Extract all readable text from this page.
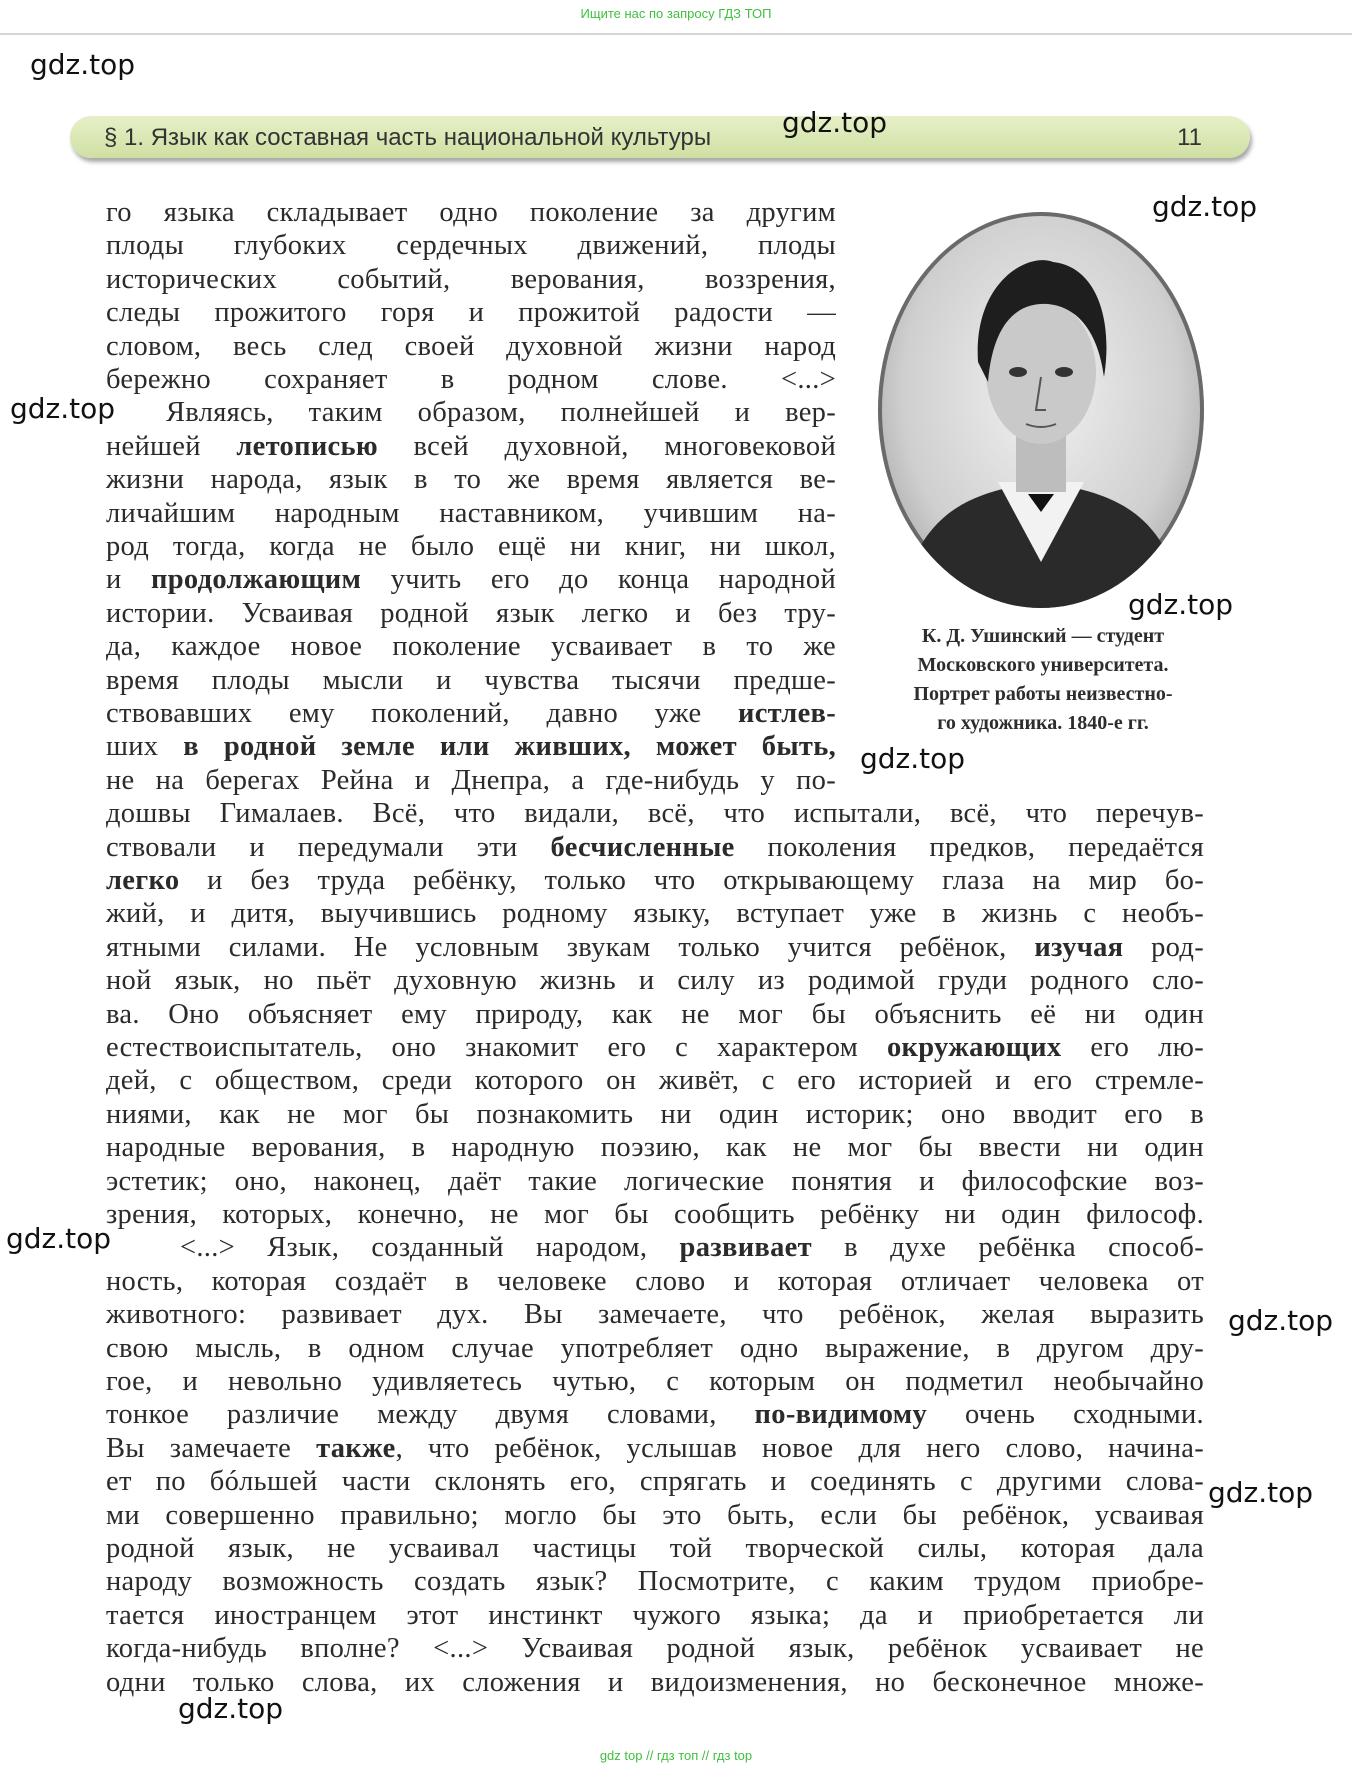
Ищите нас по запросу ГДЗ ТОП
gdz.top
§ 1. Язык как составная часть национальной культуры	11
gdz.top
gdz.top
gdz.top
К. Д. Ушинский — студент
Московского университета.
Портрет работы неизвестно-
го художника. 1840-е гг.
gdz.top
gdz.top
gdz.top
gdz.top
gdz.top
gdz.top
го языка складывает одно поколение за другим
плоды глубоких сердечных движений, плоды
исторических событий, верования, воззрения,
следы прожитого горя и прожитой радости —
словом, весь след своей духовной жизни народ
бережно сохраняет в родном слове. <...>
Являясь, таким образом, полнейшей и вер-
нейшей летописью всей духовной, многовековой
жизни народа, язык в то же время является ве-
личайшим народным наставником, учившим на-
род тогда, когда не было ещё ни книг, ни школ,
и продолжающим учить его до конца народной
истории. Усваивая родной язык легко и без тру-
да, каждое новое поколение усваивает в то же
время плоды мысли и чувства тысячи предше-
ствовавших ему поколений, давно уже истлев-
ших в родной земле или живших, может быть,
не на берегах Рейна и Днепра, а где-нибудь у по-
дошвы Гималаев. Всё, что видали, всё, что испытали, всё, что перечув-
ствовали и передумали эти бесчисленные поколения предков, передаётся
легко и без труда ребёнку, только что открывающему глаза на мир бо-
жий, и дитя, выучившись родному языку, вступает уже в жизнь с необъ-
ятными силами. Не условным звукам только учится ребёнок, изучая род-
ной язык, но пьёт духовную жизнь и силу из родимой груди родного сло-
ва. Оно объясняет ему природу, как не мог бы объяснить её ни один
естествоиспытатель, оно знакомит его с характером окружающих его лю-
дей, с обществом, среди которого он живёт, с его историей и его стремле-
ниями, как не мог бы познакомить ни один историк; оно вводит его в
народные верования, в народную поэзию, как не мог бы ввести ни один
эстетик; оно, наконец, даёт такие логические понятия и философские воз-
зрения, которых, конечно, не мог бы сообщить ребёнку ни один философ.
<...> Язык, созданный народом, развивает в духе ребёнка способ-
ность, которая создаёт в человеке слово и которая отличает человека от
животного: развивает дух. Вы замечаете, что ребёнок, желая выразить
свою мысль, в одном случае употребляет одно выражение, в другом дру-
гое, и невольно удивляетесь чутью, с которым он подметил необычайно
тонкое различие между двумя словами, по-видимому очень сходными.
Вы замечаете также, что ребёнок, услышав новое для него слово, начина-
ет по бóльшей части склонять его, спрягать и соединять с другими слова-
ми совершенно правильно; могло бы это быть, если бы ребёнок, усваивая
родной язык, не усваивал частицы той творческой силы, которая дала
народу возможность создать язык? Посмотрите, с каким трудом приобре-
тается иностранцем этот инстинкт чужого языка; да и приобретается ли
когда-нибудь вполне? <...> Усваивая родной язык, ребёнок усваивает не
одни только слова, их сложения и видоизменения, но бесконечное множе-
gdz top // гдз топ // гдз top
